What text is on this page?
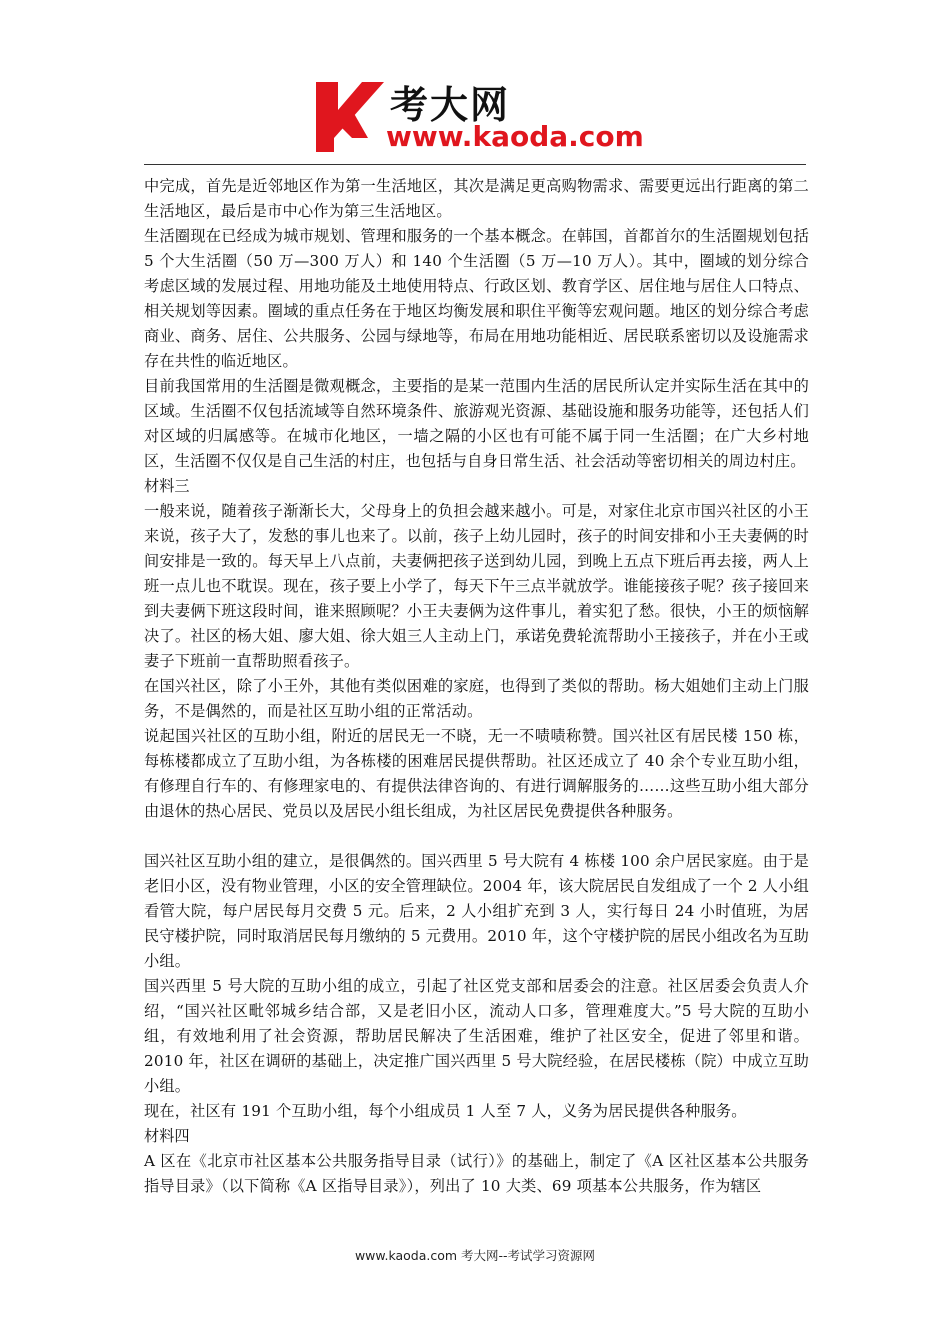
考大网
www.kaoda.com

中完成，首先是近邻地区作为第一生活地区，其次是满足更高购物需求、需要更远出行距离的第二生活地区，最后是市中心作为第三生活地区。

生活圈现在已经成为城市规划、管理和服务的一个基本概念。在韩国，首都首尔的生活圈规划包括 5 个大生活圈（50 万—300 万人）和 140 个生活圈（5 万—10 万人）。其中，圈域的划分综合考虑区域的发展过程、用地功能及土地使用特点、行政区划、教育学区、居住地与居住人口特点、相关规划等因素。圈域的重点任务在于地区均衡发展和职住平衡等宏观问题。地区的划分综合考虑商业、商务、居住、公共服务、公园与绿地等，布局在用地功能相近、居民联系密切以及设施需求存在共性的临近地区。

目前我国常用的生活圈是微观概念，主要指的是某一范围内生活的居民所认定并实际生活在其中的区域。生活圈不仅包括流域等自然环境条件、旅游观光资源、基础设施和服务功能等，还包括人们对区域的归属感等。在城市化地区，一墙之隔的小区也有可能不属于同一生活圈；在广大乡村地区，生活圈不仅仅是自己生活的村庄，也包括与自身日常生活、社会活动等密切相关的周边村庄。

材料三

一般来说，随着孩子渐渐长大，父母身上的负担会越来越小。可是，对家住北京市国兴社区的小王来说，孩子大了，发愁的事儿也来了。以前，孩子上幼儿园时，孩子的时间安排和小王夫妻俩的时间安排是一致的。每天早上八点前，夫妻俩把孩子送到幼儿园，到晚上五点下班后再去接，两人上班一点儿也不耽误。现在，孩子要上小学了，每天下午三点半就放学。谁能接孩子呢？孩子接回来到夫妻俩下班这段时间，谁来照顾呢？小王夫妻俩为这件事儿，着实犯了愁。很快，小王的烦恼解决了。社区的杨大姐、廖大姐、徐大姐三人主动上门，承诺免费轮流帮助小王接孩子，并在小王或妻子下班前一直帮助照看孩子。

在国兴社区，除了小王外，其他有类似困难的家庭，也得到了类似的帮助。杨大姐她们主动上门服务，不是偶然的，而是社区互助小组的正常活动。

说起国兴社区的互助小组，附近的居民无一不晓，无一不啧啧称赞。国兴社区有居民楼 150 栋，每栋楼都成立了互助小组，为各栋楼的困难居民提供帮助。社区还成立了 40 余个专业互助小组，有修理自行车的、有修理家电的、有提供法律咨询的、有进行调解服务的……这些互助小组大部分由退休的热心居民、党员以及居民小组长组成，为社区居民免费提供各种服务。

国兴社区互助小组的建立，是很偶然的。国兴西里 5 号大院有 4 栋楼 100 余户居民家庭。由于是老旧小区，没有物业管理，小区的安全管理缺位。2004 年，该大院居民自发组成了一个 2 人小组看管大院，每户居民每月交费 5 元。后来，2 人小组扩充到 3 人，实行每日 24 小时值班，为居民守楼护院，同时取消居民每月缴纳的 5 元费用。2010 年，这个守楼护院的居民小组改名为互助小组。

国兴西里 5 号大院的互助小组的成立，引起了社区党支部和居委会的注意。社区居委会负责人介绍，“国兴社区毗邻城乡结合部，又是老旧小区，流动人口多，管理难度大。”5 号大院的互助小组，有效地利用了社会资源，帮助居民解决了生活困难，维护了社区安全，促进了邻里和谐。2010 年，社区在调研的基础上，决定推广国兴西里 5 号大院经验，在居民楼栋（院）中成立互助小组。

现在，社区有 191 个互助小组，每个小组成员 1 人至 7 人，义务为居民提供各种服务。

材料四

A 区在《北京市社区基本公共服务指导目录（试行）》的基础上，制定了《A 区社区基本公共服务指导目录》（以下简称《A 区指导目录》），列出了 10 大类、69 项基本公共服务，作为辖区

www.kaoda.com 考大网--考试学习资源网
